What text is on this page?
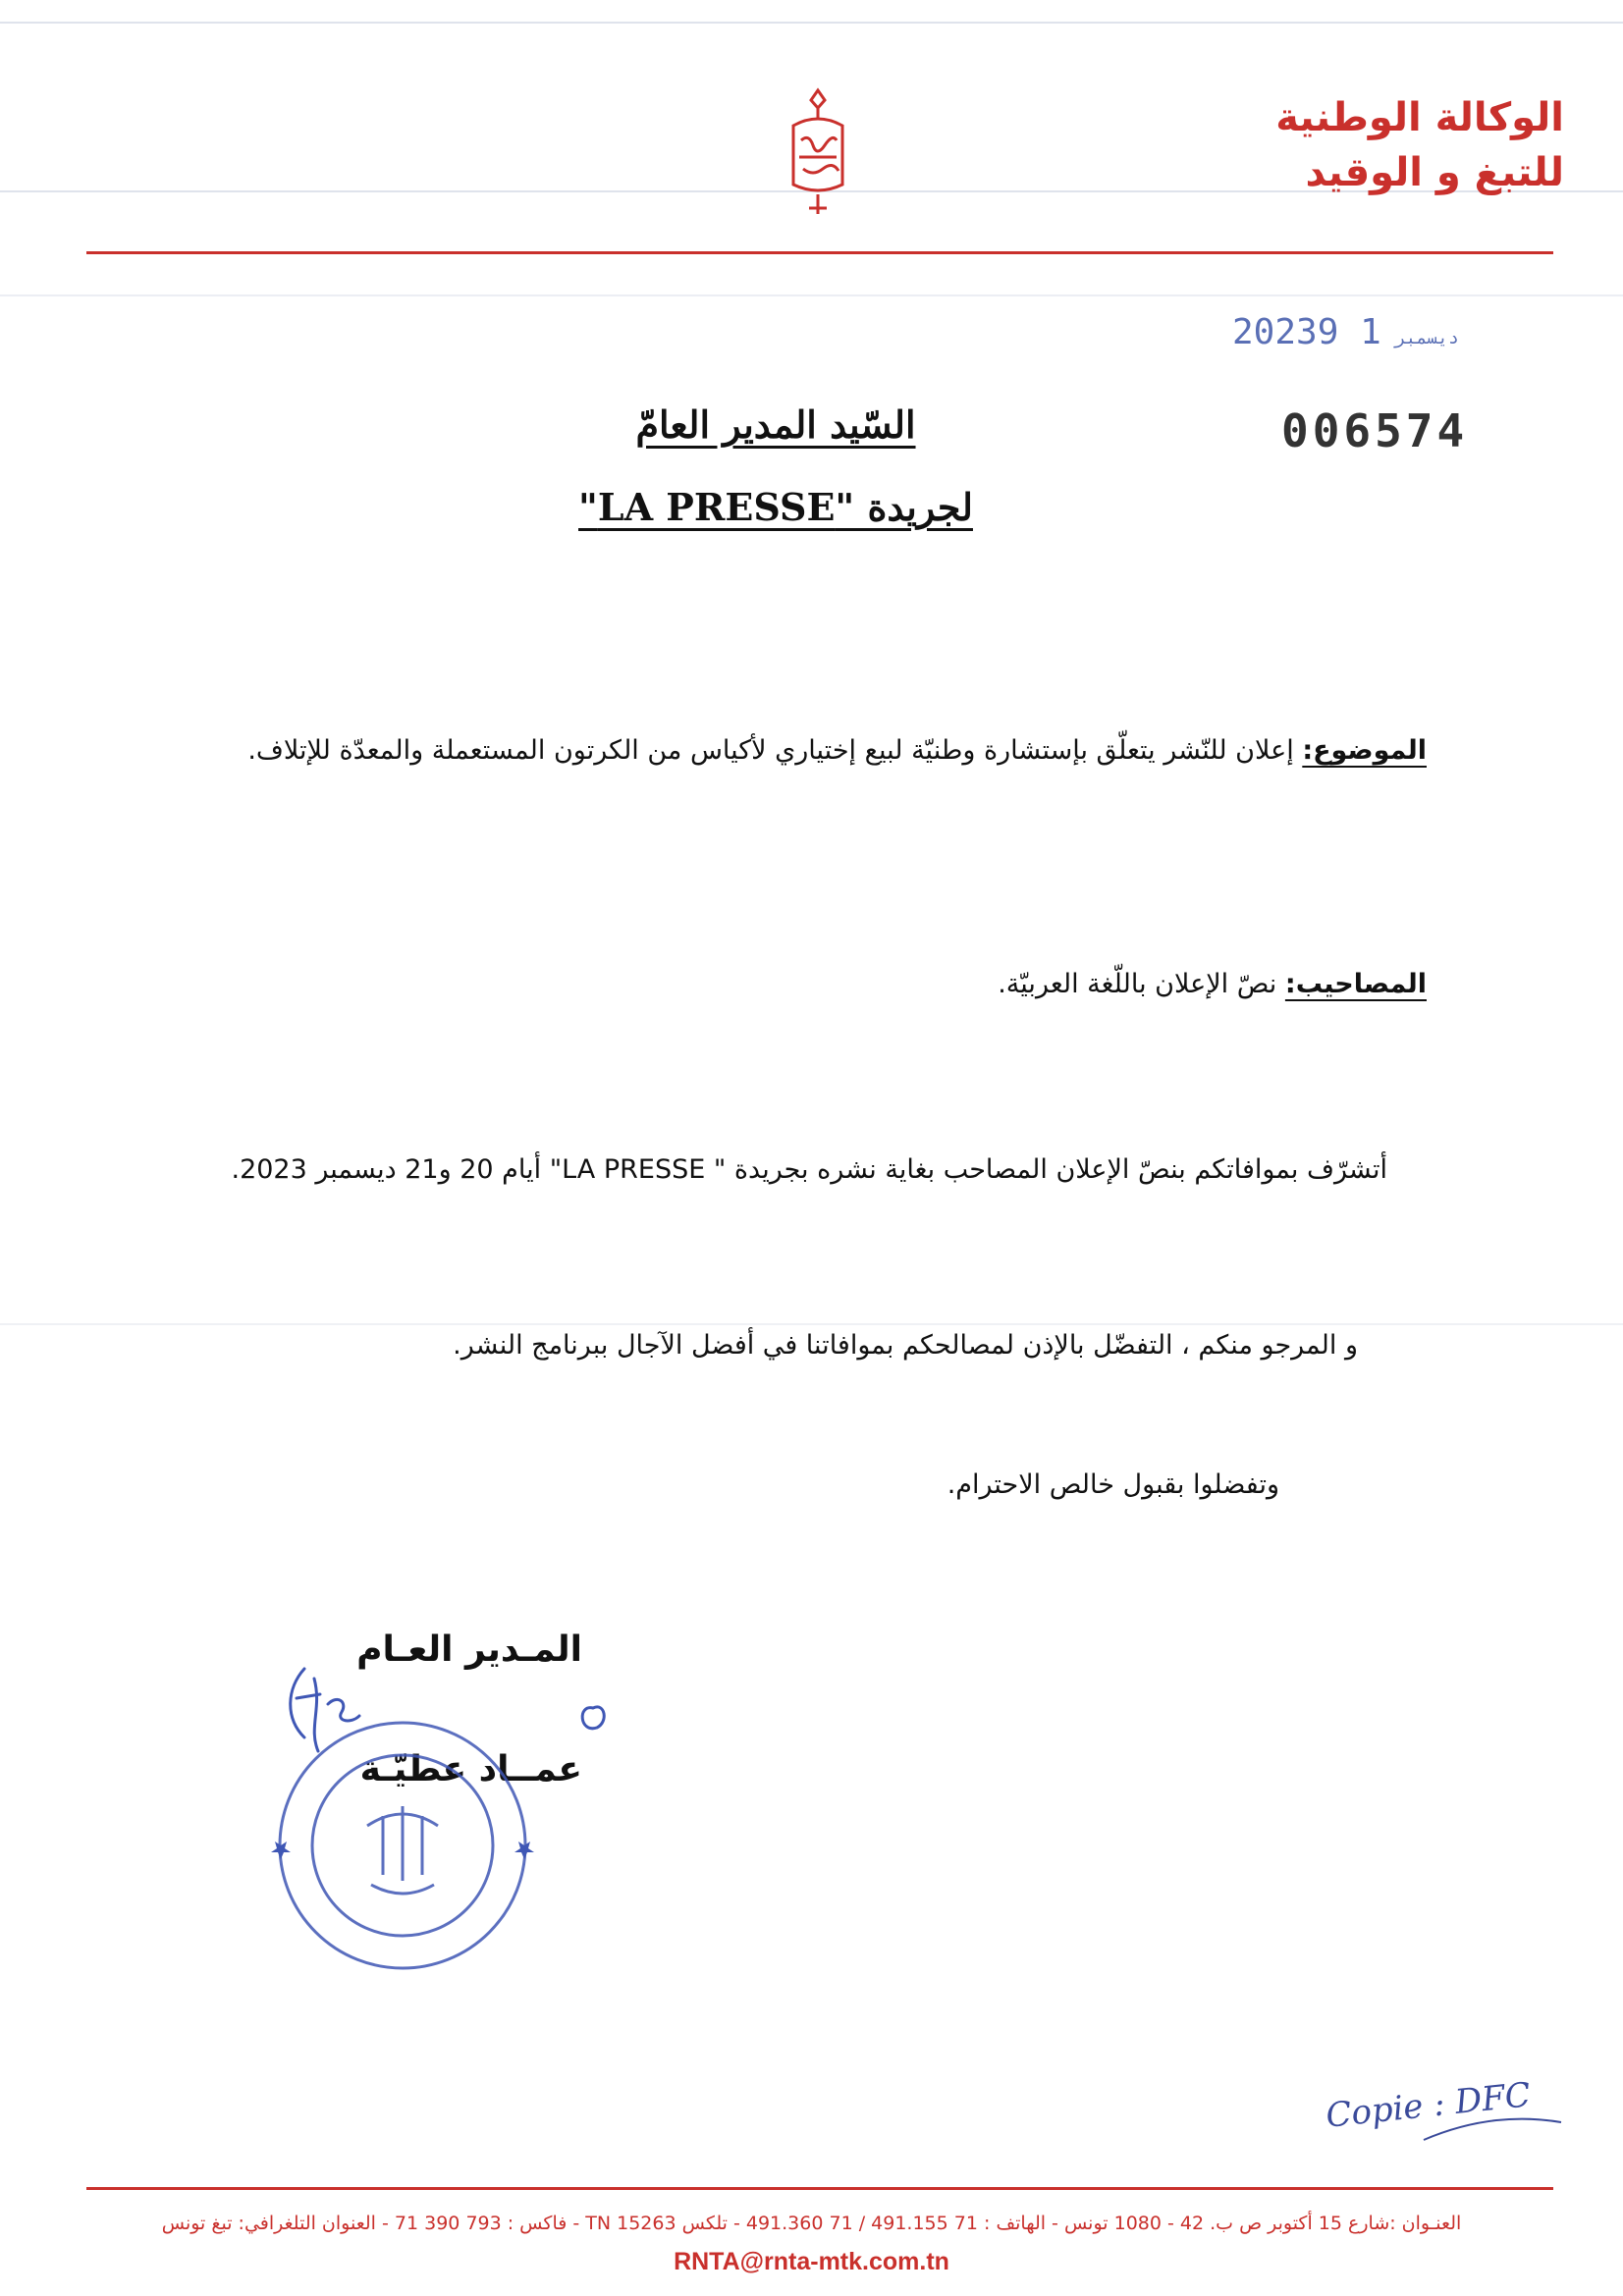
الوكالة الوطنية
للتبغ و الوقيد
2023	ديسمبر1 9
006574
السّيد المدير العامّ
لجريدة "LA PRESSE"
الموضوع: إعلان للنّشر يتعلّق بإستشارة وطنيّة لبيع إختياري لأكياس من الكرتون المستعملة والمعدّة للإتلاف.
المصاحيب: نصّ الإعلان باللّغة العربيّة.
أتشرّف بموافاتكم بنصّ الإعلان المصاحب بغاية نشره بجريدة " LA PRESSE" أيام 20 و21 ديسمبر 2023.
و المرجو منكم ، التفضّل بالإذن لمصالحكم بموافاتنا في أفضل الآجال ببرنامج النشر.
وتفضلوا بقبول خالص الاحترام.
المـدير العـام
عمــاد عطيّـة
Copie : DFC
العنـوان :شارع 15 أكتوبر ص ب. 42 - 1080 تونس - الهاتف : 71 491.155 / 71 491.360 - تلكس TN 15263 - فاكس : 793 390 71 - العنوان التلغرافي: تبغ تونس
RNTA@rnta-mtk.com.tn
